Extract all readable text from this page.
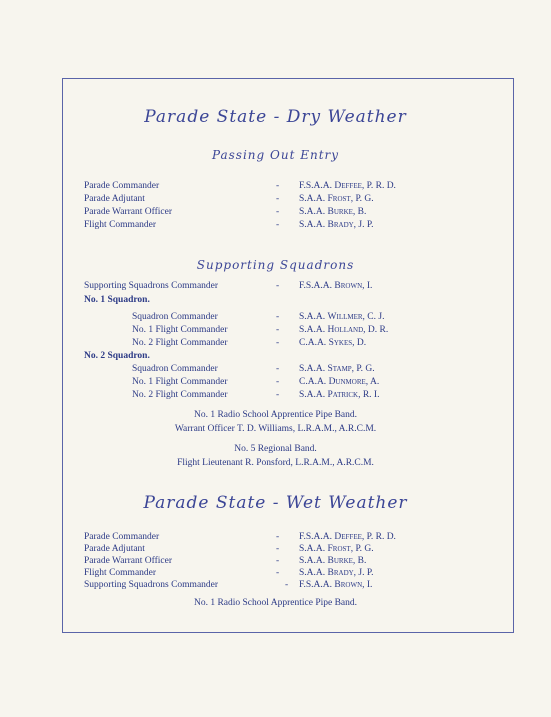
Parade State - Dry Weather
Passing Out Entry
Parade Commander	- F.S.A.A. Deffee, P. R. D.
Parade Adjutant	- S.A.A. Frost, P. G.
Parade Warrant Officer	- S.A.A. Burke, B.
Flight Commander	- S.A.A. Brady, J. P.
Supporting Squadrons
Supporting Squadrons Commander	- F.S.A.A. Brown, I.
No. 1 Squadron.
Squadron Commander	- S.A.A. Willmer, C. J.
No. 1 Flight Commander	- S.A.A. Holland, D. R.
No. 2 Flight Commander	- C.A.A. Sykes, D.
No. 2 Squadron.
Squadron Commander	- S.A.A. Stamp, P. G.
No. 1 Flight Commander	- C.A.A. Dunmore, A.
No. 2 Flight Commander	- S.A.A. Patrick, R. I.
No. 1 Radio School Apprentice Pipe Band.
Warrant Officer T. D. Williams, L.R.A.M., A.R.C.M.
No. 5 Regional Band.
Flight Lieutenant R. Ponsford, L.R.A.M., A.R.C.M.
Parade State - Wet Weather
Parade Commander	- F.S.A.A. Deffee, P. R. D.
Parade Adjutant	- S.A.A. Frost, P. G.
Parade Warrant Officer	- S.A.A. Burke, B.
Flight Commander	- S.A.A. Brady, J. P.
Supporting Squadrons Commander	- F.S.A.A. Brown, I.
No. 1 Radio School Apprentice Pipe Band.
